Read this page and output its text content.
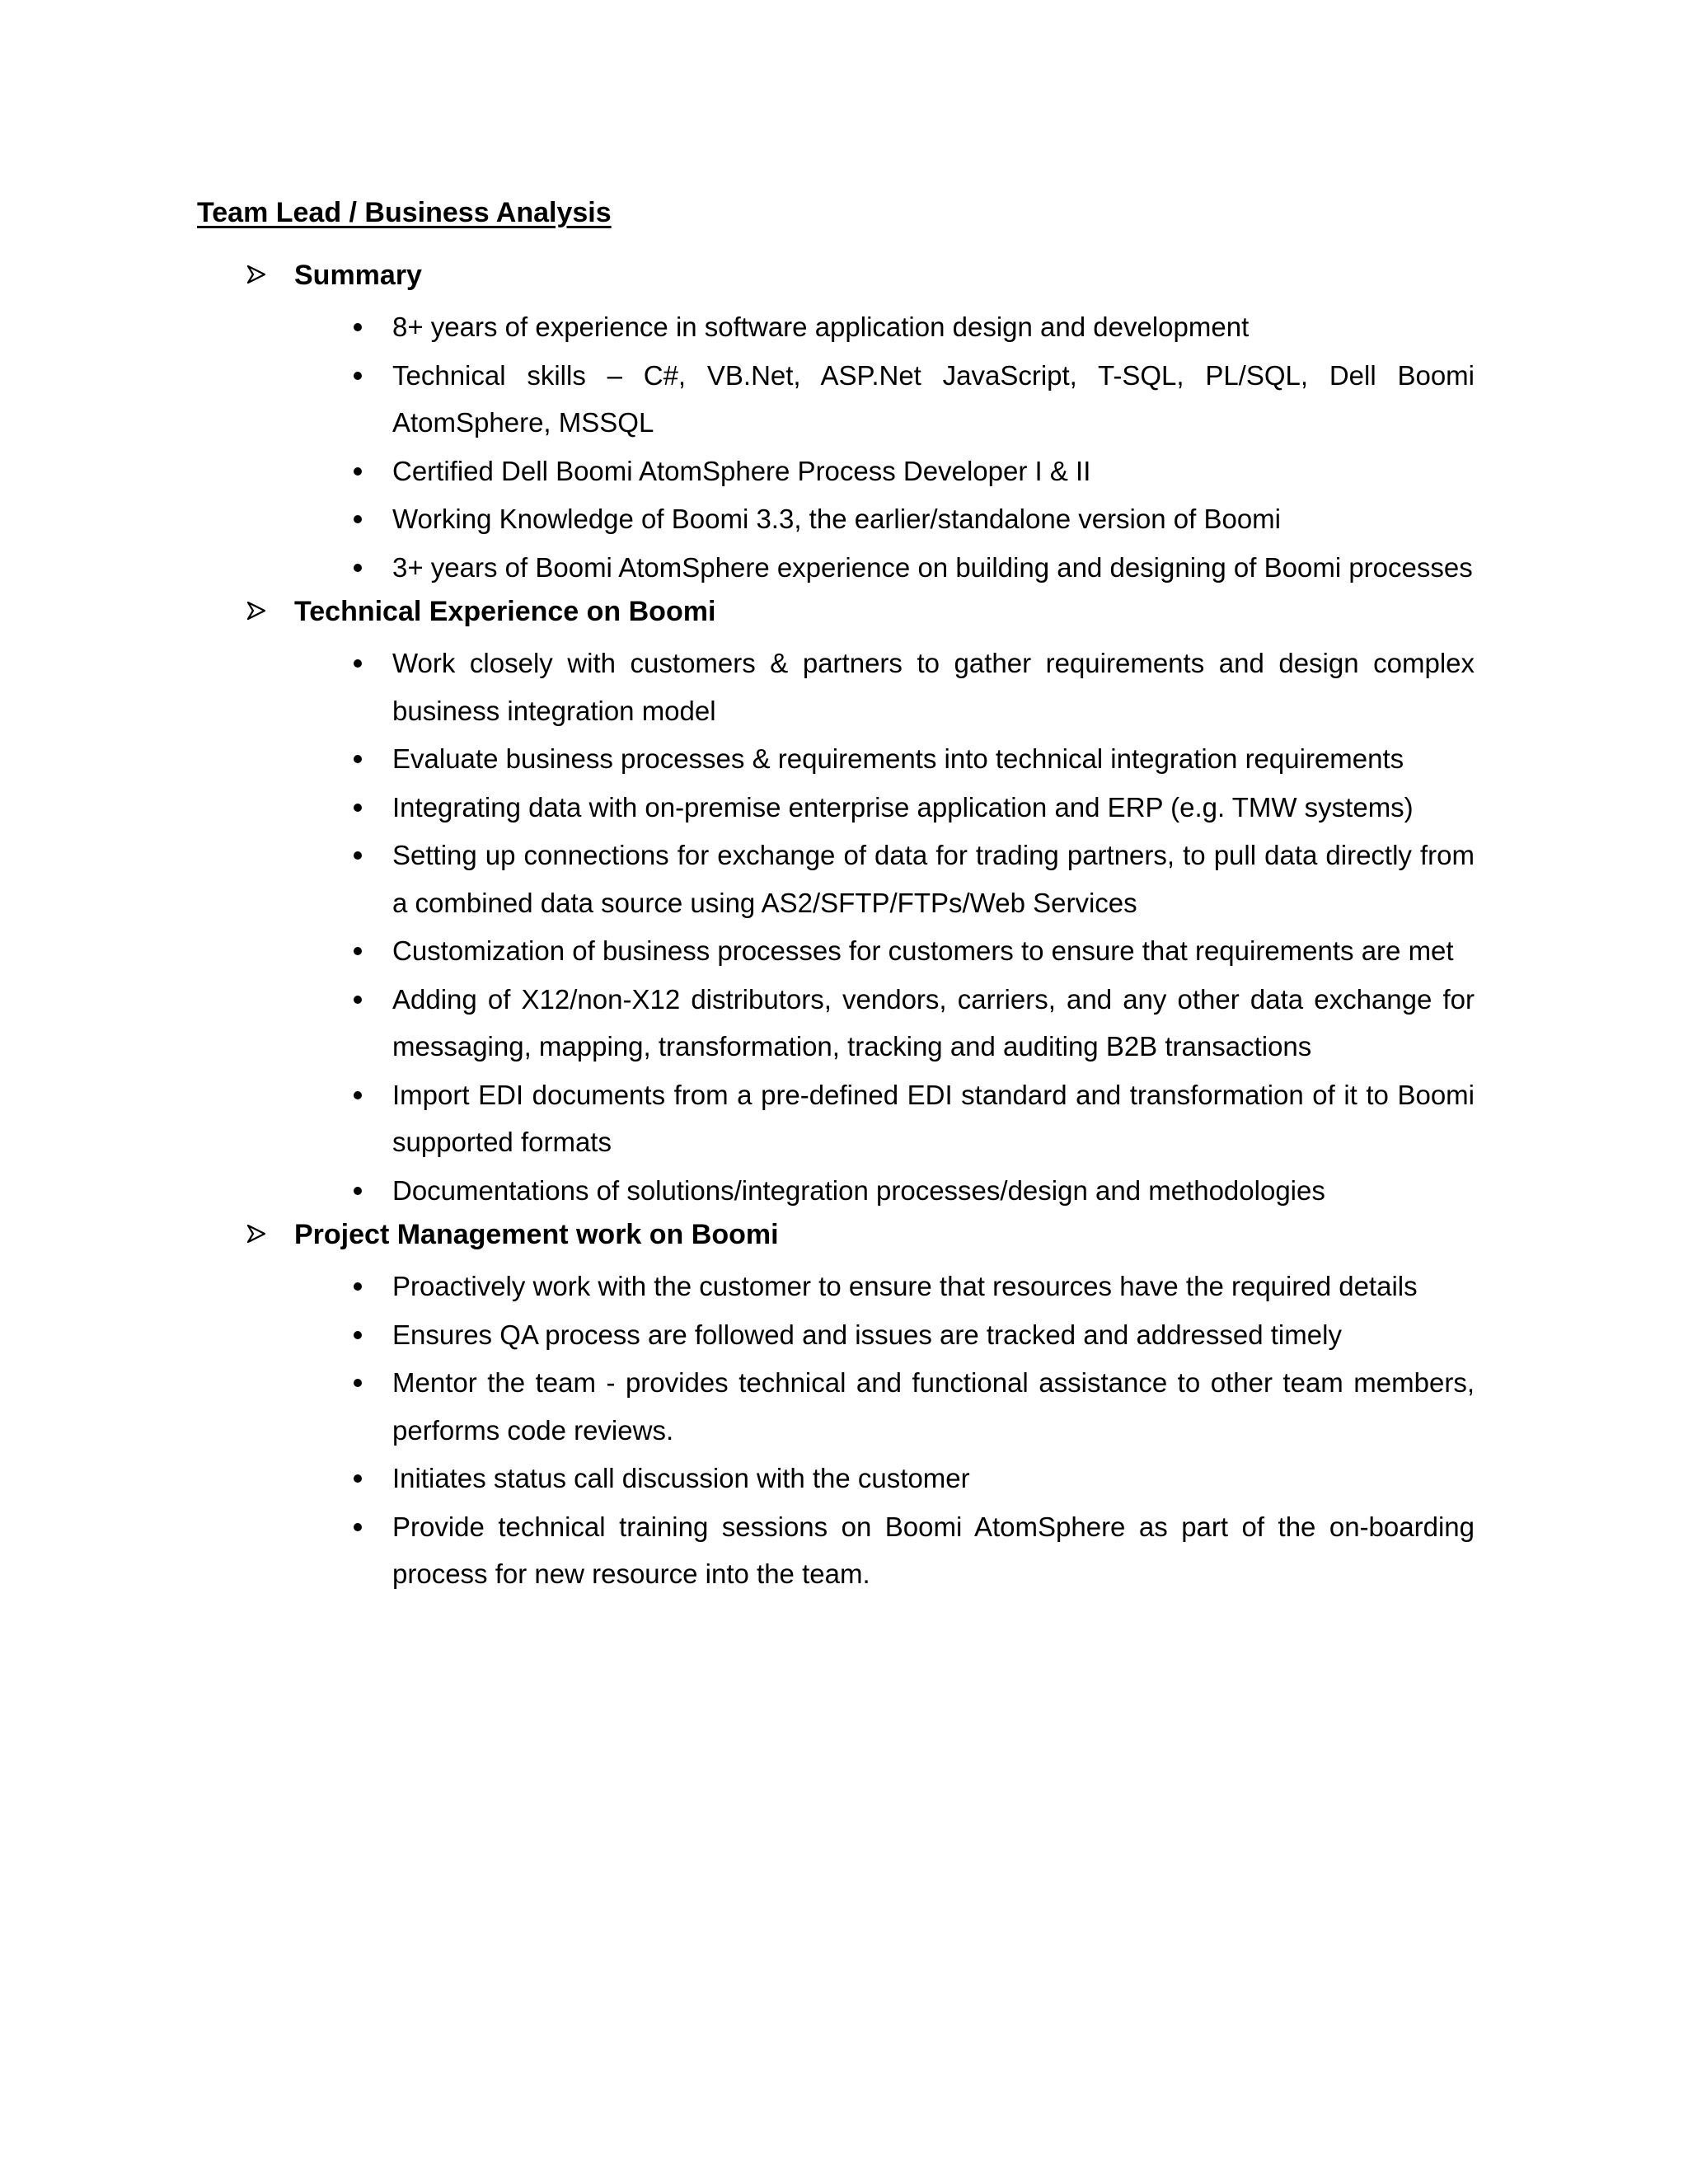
Team Lead / Business Analysis
Summary
8+ years of experience in software application design and development
Technical skills – C#, VB.Net, ASP.Net JavaScript, T-SQL, PL/SQL, Dell Boomi AtomSphere, MSSQL
Certified Dell Boomi AtomSphere Process Developer I & II
Working Knowledge of Boomi 3.3, the earlier/standalone version of Boomi
3+ years of Boomi AtomSphere experience on building and designing of Boomi processes
Technical Experience on Boomi
Work closely with customers & partners to gather requirements and design complex business integration model
Evaluate business processes & requirements into technical integration requirements
Integrating data with on-premise enterprise application and ERP (e.g. TMW systems)
Setting up connections for exchange of data for trading partners, to pull data directly from a combined data source using AS2/SFTP/FTPs/Web Services
Customization of business processes for customers to ensure that requirements are met
Adding of X12/non-X12 distributors, vendors, carriers, and any other data exchange for messaging, mapping, transformation, tracking and auditing B2B transactions
Import EDI documents from a pre-defined EDI standard and transformation of it to Boomi supported formats
Documentations of solutions/integration processes/design and methodologies
Project Management work on Boomi
Proactively work with the customer to ensure that resources have the required details
Ensures QA process are followed and issues are tracked and addressed timely
Mentor the team - provides technical and functional assistance to other team members, performs code reviews.
Initiates status call discussion with the customer
Provide technical training sessions on Boomi AtomSphere as part of the on-boarding process for new resource into the team.
